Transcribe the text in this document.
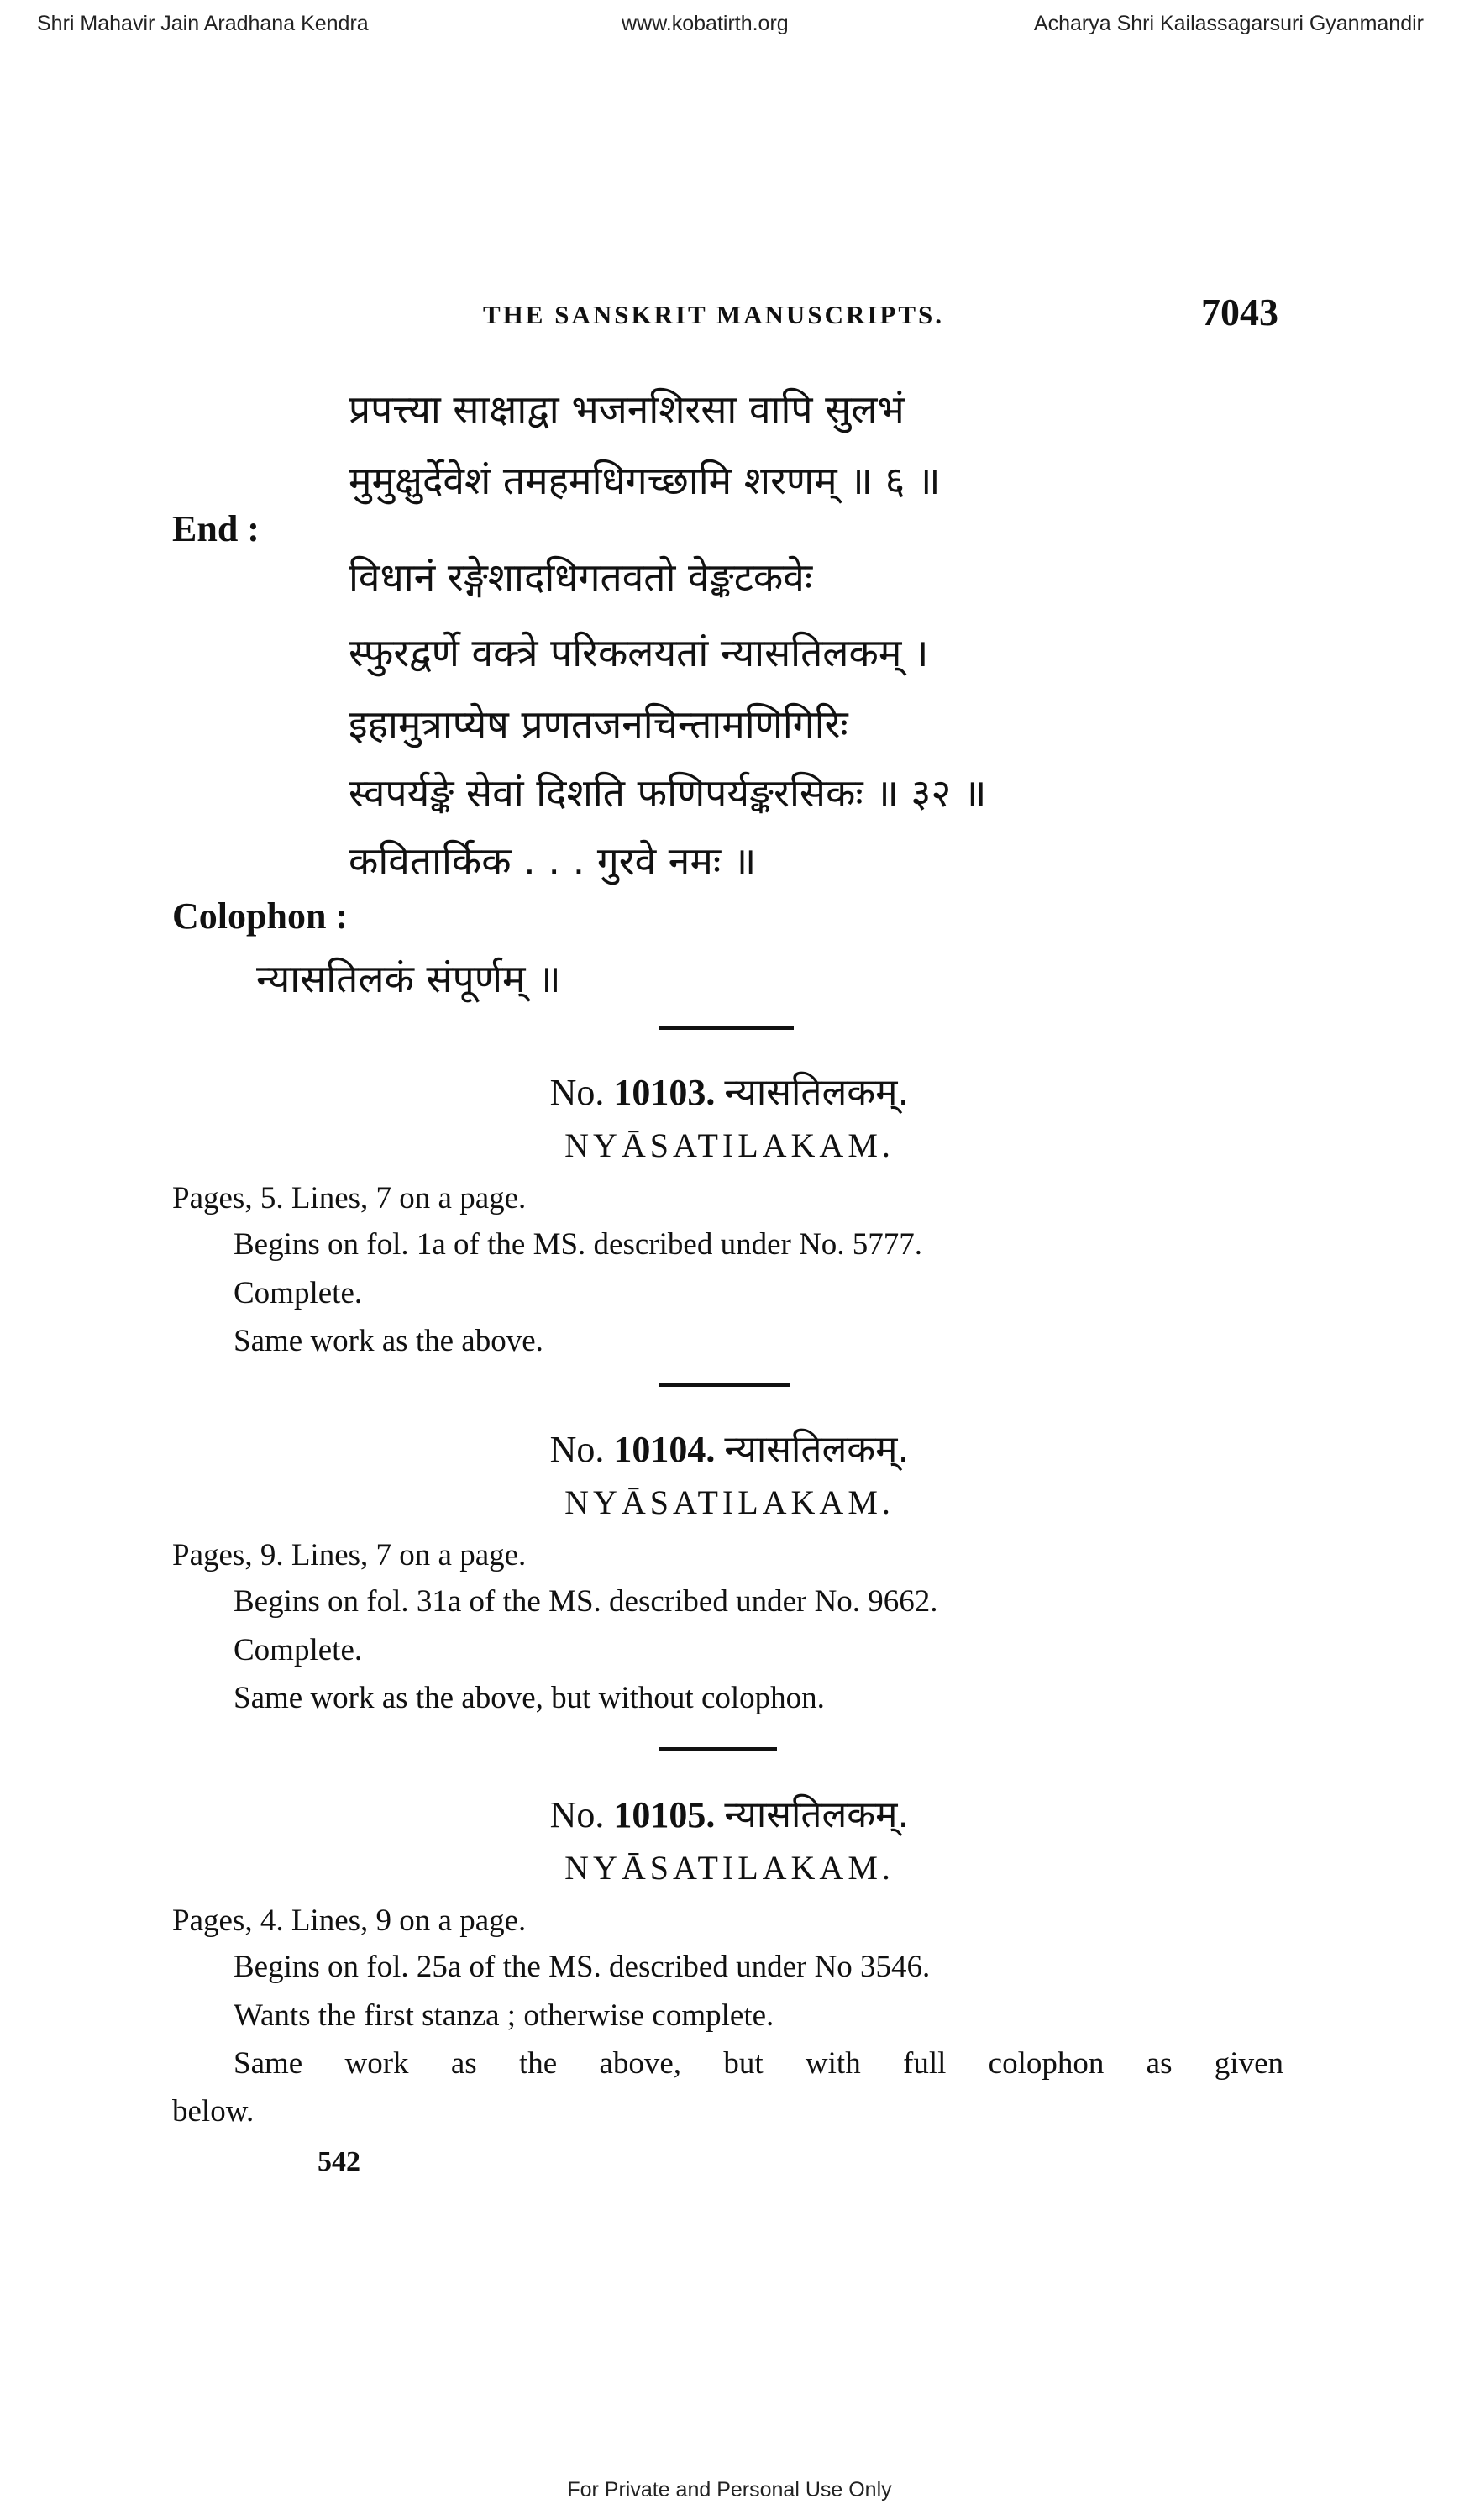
Shri Mahavir Jain Aradhana Kendra	www.kobatirth.org	Acharya Shri Kailassagarsuri Gyanmandir
THE SANSKRIT MANUSCRIPTS.	7043
प्रपत्त्या साक्षाद्वा भजनशिरसा वापि सुलभं
मुमुक्षुर्देवेशं तमहमधिगच्छामि शरणम् ॥ ६ ॥
End :
विधानं रङ्गेशादधिगतवतो वेङ्कटकवेः
स्फुरद्वर्णे वक्त्रे परिकलयतां न्यासतिलकम् ।
इहामुत्राप्येष प्रणतजनचिन्तामणिगिरिः
स्वपर्यङ्के सेवां दिशति फणिपर्यङ्करसिकः ॥ ३२ ॥
कवितार्किक . . . गुरवे नमः ॥
Colophon :
न्यासतिलकं संपूर्णम् ॥
No. 10103. न्यासतिलकम्.
NYĀSATILAKAM.
Pages, 5. Lines, 7 on a page.
Begins on fol. 1a of the MS. described under No. 5777.
Complete.
Same work as the above.
No. 10104. न्यासतिलकम्.
NYĀSATILAKAM.
Pages, 9. Lines, 7 on a page.
Begins on fol. 31a of the MS. described under No. 9662.
Complete.
Same work as the above, but without colophon.
No. 10105. न्यासतिलकम्.
NYĀSATILAKAM.
Pages, 4. Lines, 9 on a page.
Begins on fol. 25a of the MS. described under No 3546.
Wants the first stanza ; otherwise complete.
Same work as the above, but with full colophon as given
below.
542
For Private and Personal Use Only
